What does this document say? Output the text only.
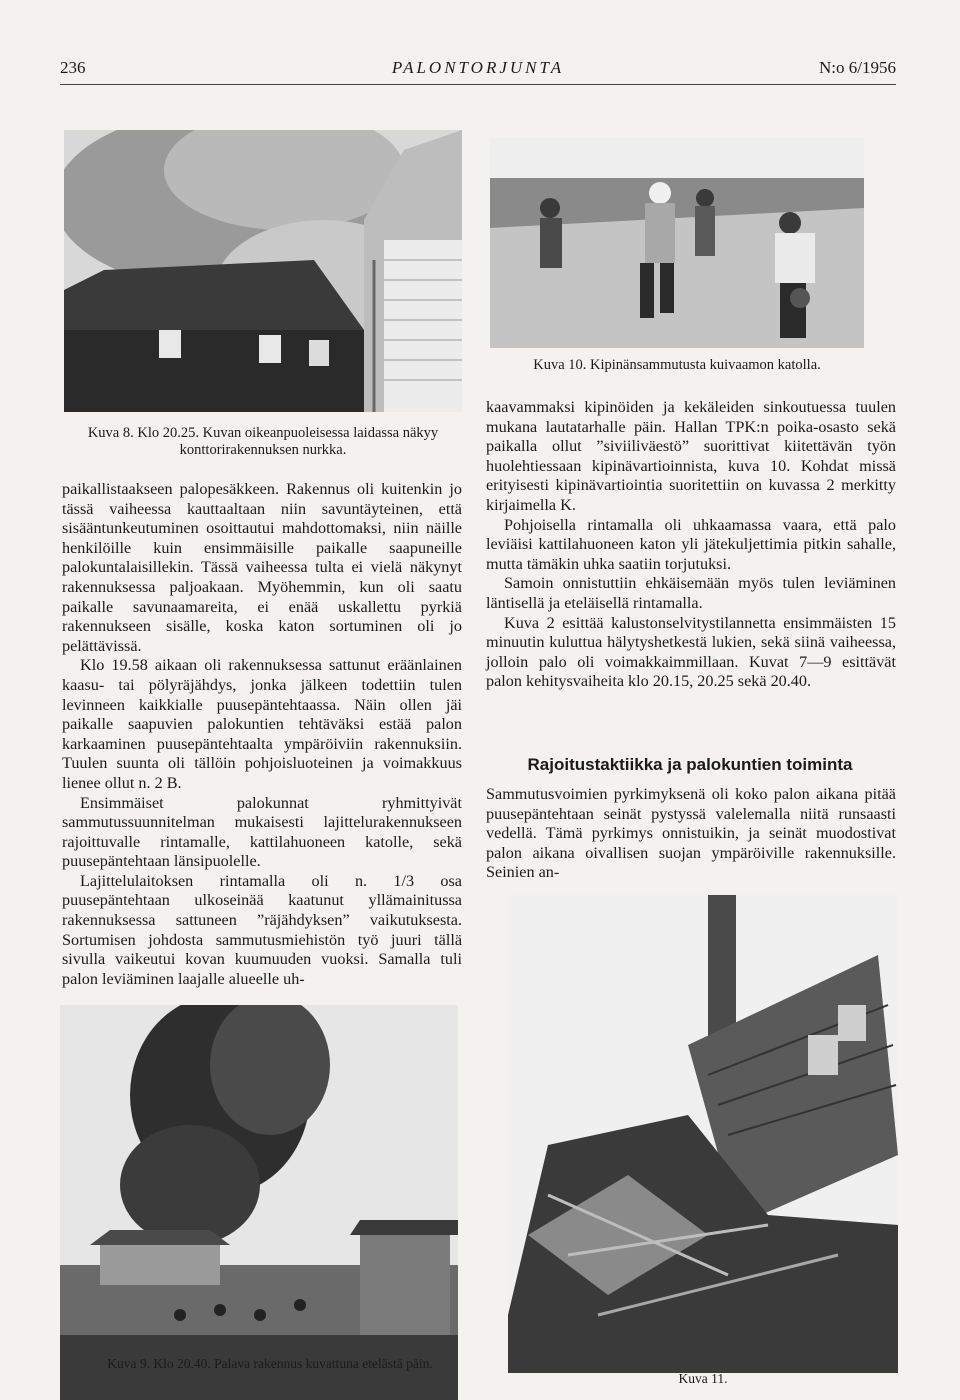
236	PALONTORJUNTA	N:o 6/1956
Kuva 8. Klo 20.25. Kuvan oikeanpuoleisessa laidassa näkyy konttorirakennuksen nurkka.
Kuva 10. Kipinänsammutusta kuivaamon katolla.

paikallistaakseen palopesäkkeen. Rakennus oli kuitenkin jo tässä vaiheessa kauttaaltaan niin savuntäyteinen, että sisääntunkeutuminen osoittautui mahdottomaksi, niin näille henkilöille kuin ensimmäisille paikalle saapuneille palokuntalaisillekin. Tässä vaiheessa tulta ei vielä näkynyt rakennuksessa paljoakaan. Myöhemmin, kun oli saatu paikalle savunaamareita, ei enää uskallettu pyrkiä rakennukseen sisälle, koska katon sortuminen oli jo pelättävissä.

Klo 19.58 aikaan oli rakennuksessa sattunut eräänlainen kaasu- tai pölyräjähdys, jonka jälkeen todettiin tulen levinneen kaikkialle puusepäntehtaassa. Näin ollen jäi paikalle saapuvien palokuntien tehtäväksi estää palon karkaaminen puusepäntehtaalta ympäröiviin rakennuksiin. Tuulen suunta oli tällöin pohjoisluoteinen ja voimakkuus lienee ollut n. 2 B.

Ensimmäiset palokunnat ryhmittyivät sammutussuunnitelman mukaisesti lajittelurakennukseen rajoittuvalle rintamalle, kattilahuoneen katolle, sekä puusepäntehtaan länsipuolelle.

Lajittelulaitoksen rintamalla oli n. 1/3 osa puusepäntehtaan ulkoseinää kaatunut yllämainitussa rakennuksessa sattuneen ”räjähdyksen” vaikutuksesta. Sortumisen johdosta sammutusmiehistön työ juuri tällä sivulla vaikeutui kovan kuumuuden vuoksi. Samalla tuli palon leviäminen laajalle alueelle uh-

kaavammaksi kipinöiden ja kekäleiden sinkoutuessa tuulen mukana lautatarhalle päin. Hallan TPK:n poika-osasto sekä paikalla ollut ”siviiliväestö” suorittivat kiitettävän työn huolehtiessaan kipinävartioinnista, kuva 10. Kohdat missä erityisesti kipinävartiointia suoritettiin on kuvassa 2 merkitty kirjaimella K.

Pohjoisella rintamalla oli uhkaamassa vaara, että palo leviäisi kattilahuoneen katon yli jätekuljettimia pitkin sahalle, mutta tämäkin uhka saatiin torjutuksi.

Samoin onnistuttiin ehkäisemään myös tulen leviäminen läntisellä ja eteläisellä rintamalla.

Kuva 2 esittää kalustonselvitystilannetta ensimmäisten 15 minuutin kuluttua hälytyshetkestä lukien, sekä siinä vaiheessa, jolloin palo oli voimakkaimmillaan. Kuvat 7—9 esittävät palon kehitysvaiheita klo 20.15, 20.25 sekä 20.40.

Rajoitustaktiikka ja palokuntien toiminta

Sammutusvoimien pyrkimyksenä oli koko palon aikana pitää puusepäntehtaan seinät pystyssä valelemalla niitä runsaasti vedellä. Tämä pyrkimys onnistuikin, ja seinät muodostivat palon aikana oivallisen suojan ympäröiville rakennuksille. Seinien an-

Kuva 9. Klo 20.40. Palava rakennus kuvattuna etelästä päin.
Kuva 11.
